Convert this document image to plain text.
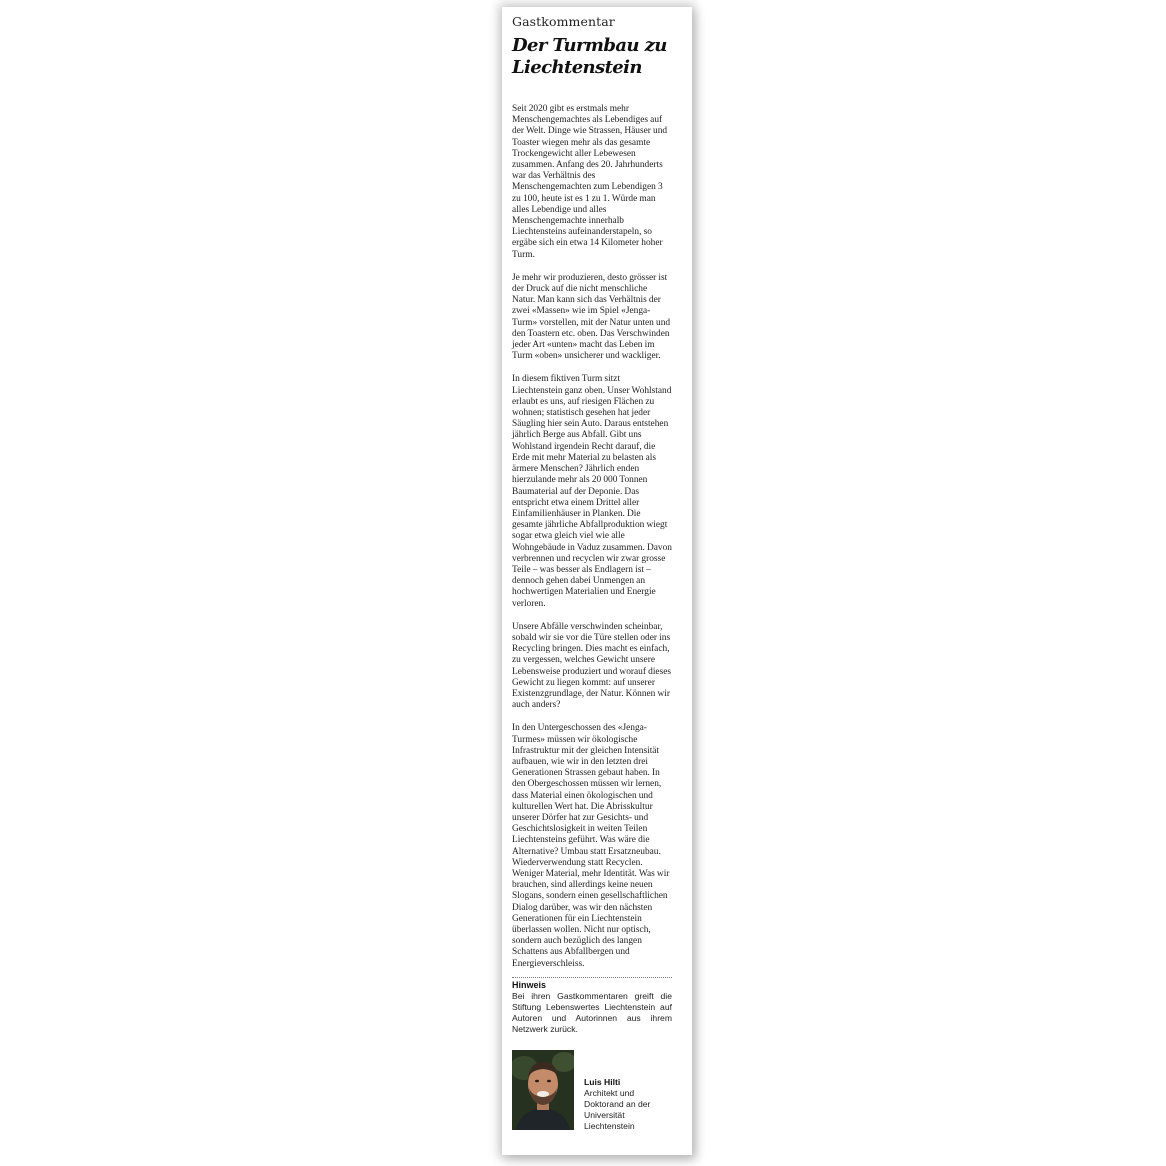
Gastkommentar

Der Turmbau zu Liechtenstein

Seit 2020 gibt es erstmals mehr Menschengemachtes als Lebendiges auf der Welt. Dinge wie Strassen, Häuser und Toaster wiegen mehr als das gesamte Trockengewicht aller Lebewesen zusammen. Anfang des 20. Jahrhunderts war das Verhältnis des Menschengemachten zum Lebendigen 3 zu 100, heute ist es 1 zu 1. Würde man alles Lebendige und alles Menschengemachte innerhalb Liechtensteins aufeinanderstapeln, so ergäbe sich ein etwa 14 Kilometer hoher Turm.

Je mehr wir produzieren, desto grösser ist der Druck auf die nicht menschliche Natur. Man kann sich das Verhältnis der zwei «Massen» wie im Spiel «Jenga-Turm» vorstellen, mit der Natur unten und den Toastern etc. oben. Das Verschwinden jeder Art «unten» macht das Leben im Turm «oben» unsicherer und wackliger.

In diesem fiktiven Turm sitzt Liechtenstein ganz oben. Unser Wohlstand erlaubt es uns, auf riesigen Flächen zu wohnen; statistisch gesehen hat jeder Säugling hier sein Auto. Daraus entstehen jährlich Berge aus Abfall. Gibt uns Wohlstand irgendein Recht darauf, die Erde mit mehr Material zu belasten als ärmere Menschen? Jährlich enden hierzulande mehr als 20 000 Tonnen Baumaterial auf der Deponie. Das entspricht etwa einem Drittel aller Einfamilienhäuser in Planken. Die gesamte jährliche Abfallproduktion wiegt sogar etwa gleich viel wie alle Wohngebäude in Vaduz zusammen. Davon verbrennen und recyclen wir zwar grosse Teile – was besser als Endlagern ist – dennoch gehen dabei Unmengen an hochwertigen Materialien und Energie verloren.

Unsere Abfälle verschwinden scheinbar, sobald wir sie vor die Türe stellen oder ins Recycling bringen. Dies macht es einfach, zu vergessen, welches Gewicht unsere Lebensweise produziert und worauf dieses Gewicht zu liegen kommt: auf unserer Existenzgrundlage, der Natur. Können wir auch anders?

In den Untergeschossen des «Jenga-Turmes» müssen wir ökologische Infrastruktur mit der gleichen Intensität aufbauen, wie wir in den letzten drei Generationen Strassen gebaut haben. In den Obergeschossen müssen wir lernen, dass Material einen ökologischen und kulturellen Wert hat. Die Abrisskultur unserer Dörfer hat zur Gesichts- und Geschichtslosigkeit in weiten Teilen Liechtensteins geführt. Was wäre die Alternative? Umbau statt Ersatzneubau. Wiederverwendung statt Recyclen. Weniger Material, mehr Identität. Was wir brauchen, sind allerdings keine neuen Slogans, sondern einen gesellschaftlichen Dialog darüber, was wir den nächsten Generationen für ein Liechtenstein überlassen wollen. Nicht nur optisch, sondern auch bezüglich des langen Schattens aus Abfallbergen und Energieverschleiss.

Hinweis

Bei ihren Gastkommentaren greift die Stiftung Lebenswertes Liechtenstein auf Autoren und Autorinnen aus ihrem Netzwerk zurück.

Luis Hilti

Architekt und Doktorand an der Universität Liechtenstein
